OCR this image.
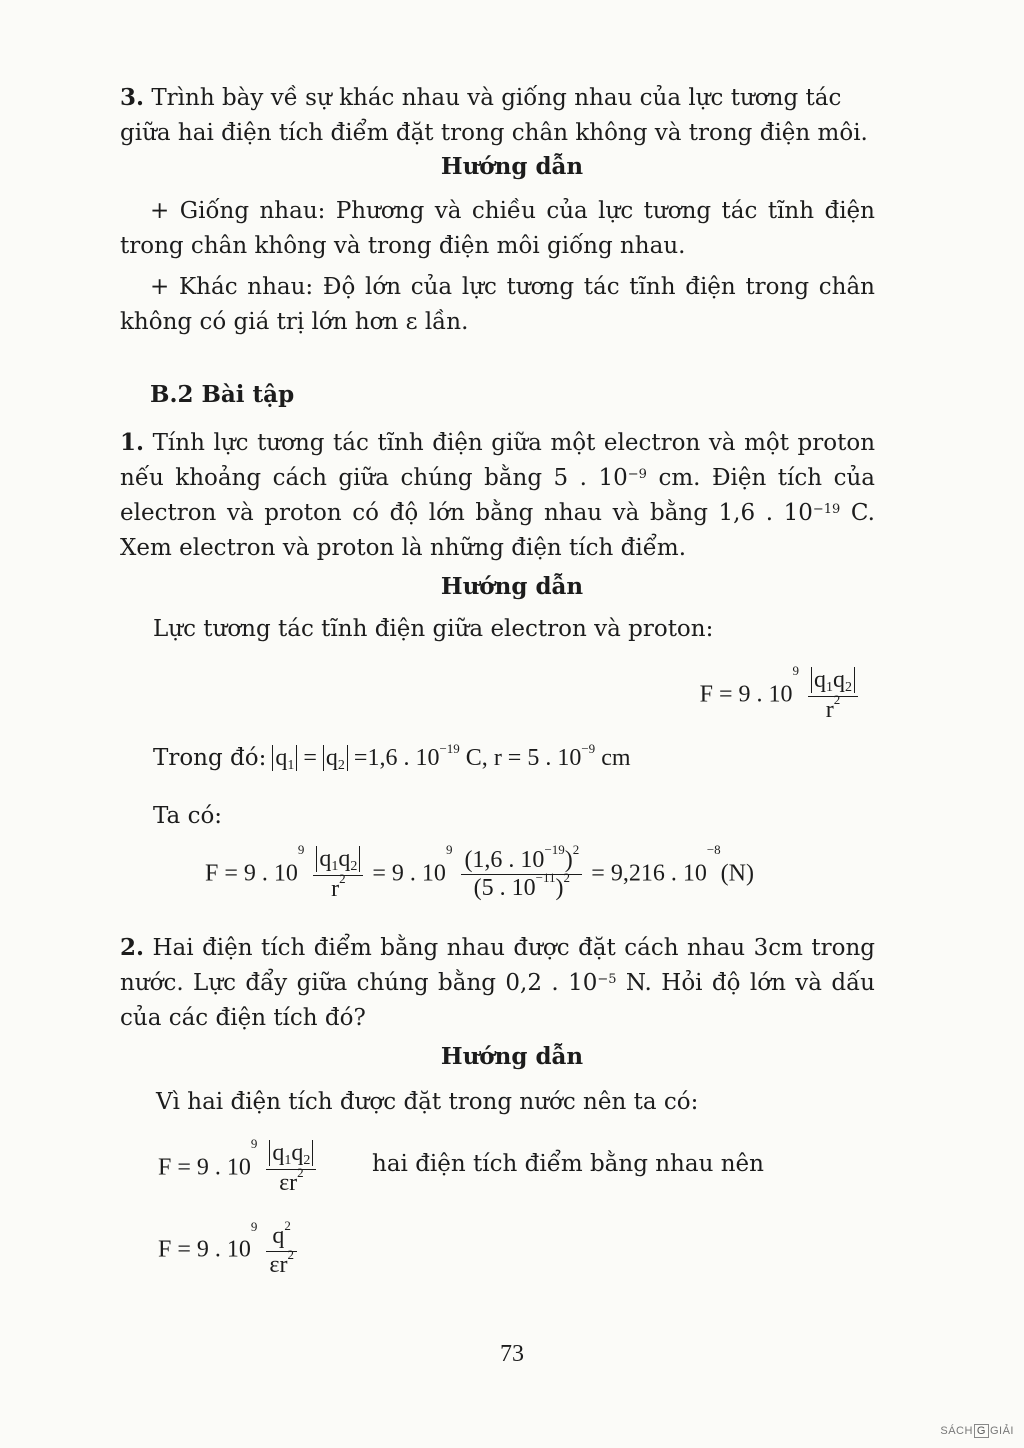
3. Trình bày về sự khác nhau và giống nhau của lực tương tác
giữa hai điện tích điểm đặt trong chân không và trong điện môi.
Hướng dẫn
+ Giống nhau: Phương và chiều của lực tương tác tĩnh điện trong chân không và trong điện môi giống nhau.
+ Khác nhau: Độ lớn của lực tương tác tĩnh điện trong chân không có giá trị lớn hơn ε lần.
B.2 Bài tập
1. Tính lực tương tác tĩnh điện giữa một electron và một proton nếu khoảng cách giữa chúng bằng 5 . $10^{-9}$ cm. Điện tích của electron và proton có độ lớn bằng nhau và bằng 1,6 . $10^{-19}$ C. Xem electron và proton là những điện tích điểm.
Hướng dẫn
Lực tương tác tĩnh điện giữa electron và proton:
F = 9 . $10^9 \frac{q_1q_2}{r^2}$
Trong đó: $q_1 = q_2 =1,6$ . $10^{-19}$ C, r = 5 . $10^{-9}$ cm
Ta có:
F = 9 . $10^9 \frac{q_1q_2}{r^2} = 9$ . $10^9 \frac{(1,6 . 10^{-19})^2}{(5 . 10^{-11})^2} = 9,216$ . $10^{-8}(N)$
2. Hai điện tích điểm bằng nhau được đặt cách nhau 3cm trong nước. Lực đẩy giữa chúng bằng 0,2 . $10^{-5}$ N. Hỏi độ lớn và dấu của các điện tích đó?
Hướng dẫn
Vì hai điện tích được đặt trong nước nên ta có:
F = 9 . $10^9 \frac{q_1q_2}{\varepsilon r^2}$ hai điện tích điểm bằng nhau nên
F = 9 . $10^9 \frac{q^2}{\varepsilon r^2}$
73
SÁCH G GIẢI
